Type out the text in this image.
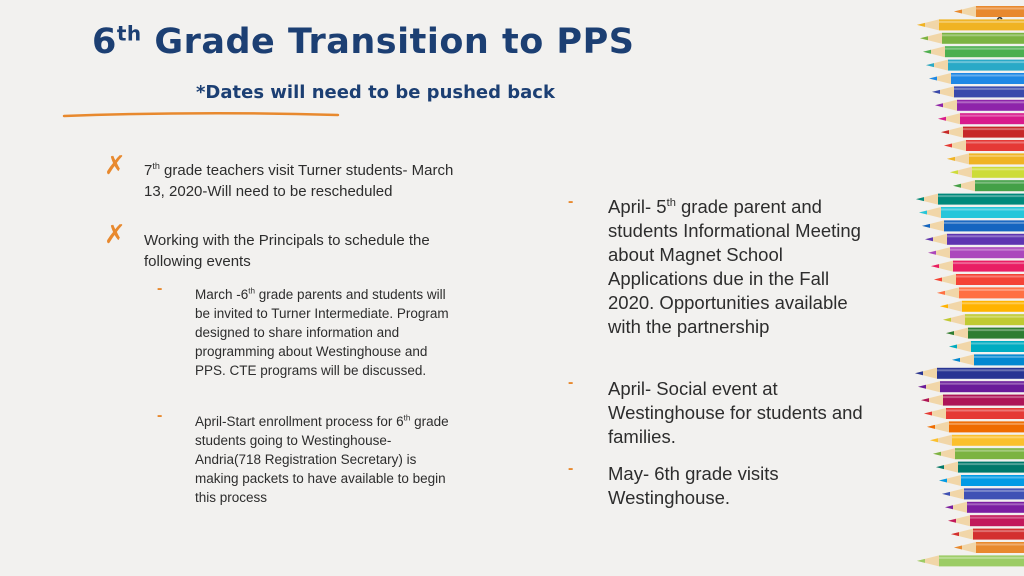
6th Grade Transition to PPS
*Dates will need to be pushed back
✗ 7th grade teachers visit Turner students- March 13, 2020-Will need to be rescheduled
✗ Working with the Principals to schedule the following events
- March -6th grade parents and students will be invited to Turner Intermediate. Program designed to share information and programming about Westinghouse and PPS. CTE programs will be discussed.
- April-Start enrollment process for 6th grade students going to Westinghouse- Andria(718 Registration Secretary) is making packets to have available to begin this process
- April- 5th grade parent and students Informational Meeting about Magnet School Applications due in the Fall 2020. Opportunities available with the partnership
- April- Social event at Westinghouse for students and families.
- May- 6th grade visits Westinghouse.
